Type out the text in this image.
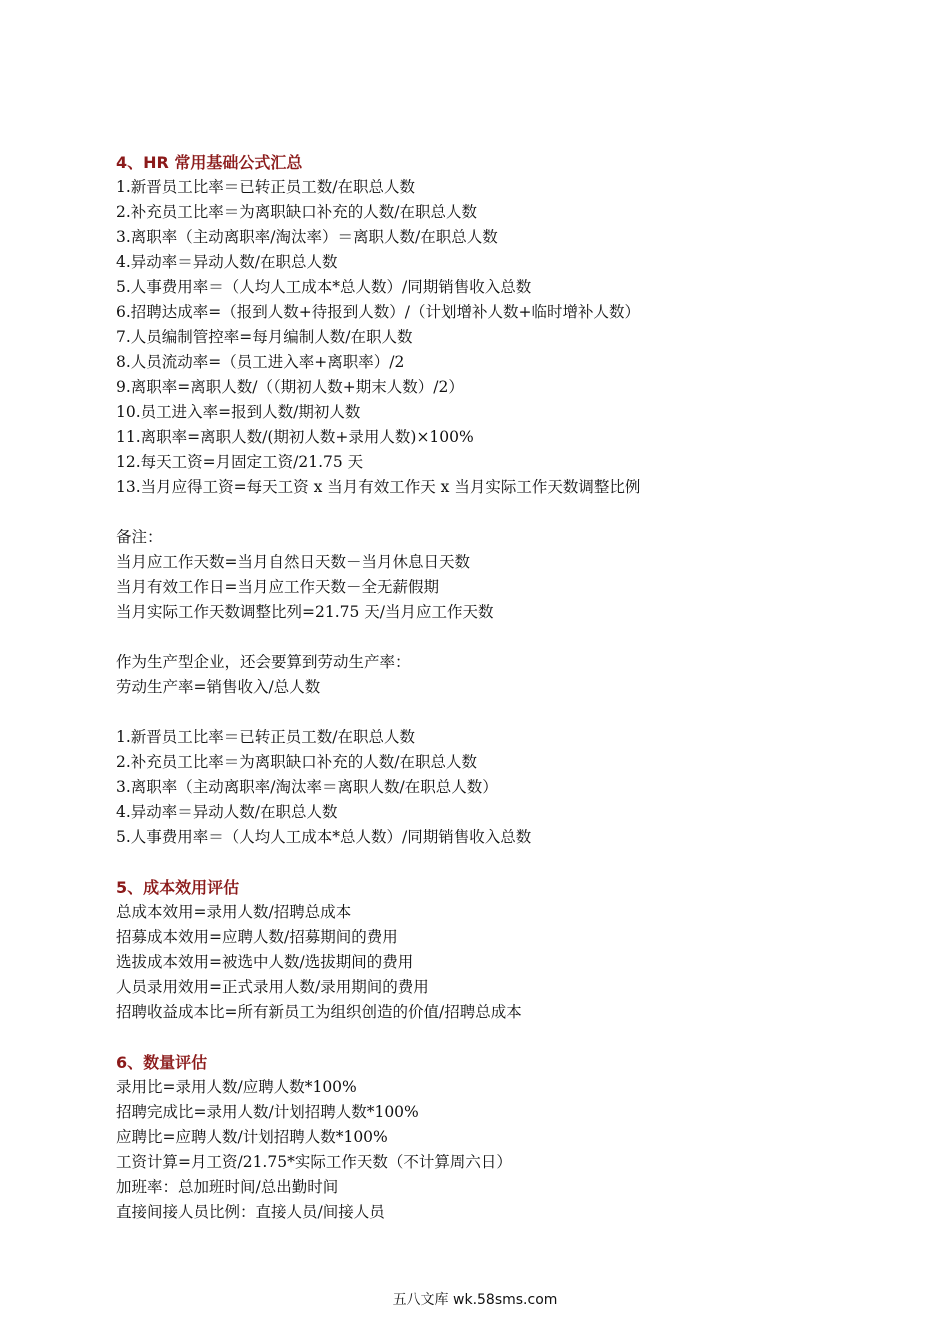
4、HR 常用基础公式汇总
1.新晋员工比率＝已转正员工数/在职总人数
2.补充员工比率＝为离职缺口补充的人数/在职总人数
3.离职率（主动离职率/淘汰率）＝离职人数/在职总人数
4.异动率＝异动人数/在职总人数
5.人事费用率＝（人均人工成本*总人数）/同期销售收入总数
6.招聘达成率=（报到人数+待报到人数）/（计划增补人数+临时增补人数）
7.人员编制管控率=每月编制人数/在职人数
8.人员流动率=（员工进入率+离职率）/2
9.离职率=离职人数/（（期初人数+期末人数）/2）
10.员工进入率=报到人数/期初人数
11.离职率=离职人数/(期初人数+录用人数)×100%
12.每天工资=月固定工资/21.75 天
13.当月应得工资=每天工资 x 当月有效工作天 x 当月实际工作天数调整比例
备注：
当月应工作天数=当月自然日天数－当月休息日天数
当月有效工作日=当月应工作天数－全无薪假期
当月实际工作天数调整比列=21.75 天/当月应工作天数
作为生产型企业，还会要算到劳动生产率：
劳动生产率=销售收入/总人数
1.新晋员工比率＝已转正员工数/在职总人数
2.补充员工比率＝为离职缺口补充的人数/在职总人数
3.离职率（主动离职率/淘汰率＝离职人数/在职总人数）
4.异动率＝异动人数/在职总人数
5.人事费用率＝（人均人工成本*总人数）/同期销售收入总数
5、成本效用评估
总成本效用=录用人数/招聘总成本
招募成本效用=应聘人数/招募期间的费用
选拔成本效用=被选中人数/选拔期间的费用
人员录用效用=正式录用人数/录用期间的费用
招聘收益成本比=所有新员工为组织创造的价值/招聘总成本
6、数量评估
录用比=录用人数/应聘人数*100%
招聘完成比=录用人数/计划招聘人数*100%
应聘比=应聘人数/计划招聘人数*100%
工资计算=月工资/21.75*实际工作天数（不计算周六日）
加班率：总加班时间/总出勤时间
直接间接人员比例：直接人员/间接人员
五八文库 wk.58sms.com
